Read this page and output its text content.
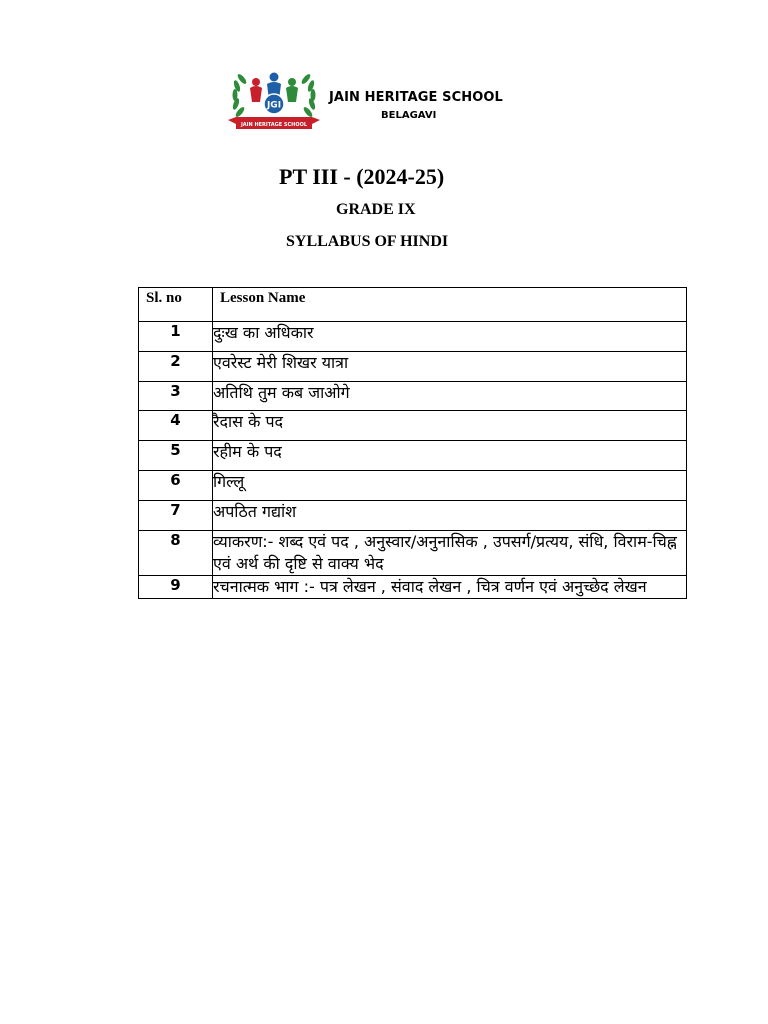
JGI
JAIN HERITAGE SCHOOL
JAIN HERITAGE SCHOOL
BELAGAVI
PT III - (2024-25)
GRADE IX
SYLLABUS OF HINDI
Sl. no	Lesson Name
1	दुःख का अधिकार
2	एवरेस्ट मेरी शिखर यात्रा
3	अतिथि तुम कब जाओगे
4	रैदास के पद
5	रहीम के पद
6	गिल्लू
7	अपठित गद्यांश
8	व्याकरण:- शब्द एवं पद , अनुस्वार/अनुनासिक , उपसर्ग/प्रत्यय, संधि, विराम-चिह्न एवं अर्थ की दृष्टि से वाक्य भेद
9	रचनात्मक भाग :- पत्र लेखन , संवाद लेखन , चित्र वर्णन एवं अनुच्छेद लेखन
